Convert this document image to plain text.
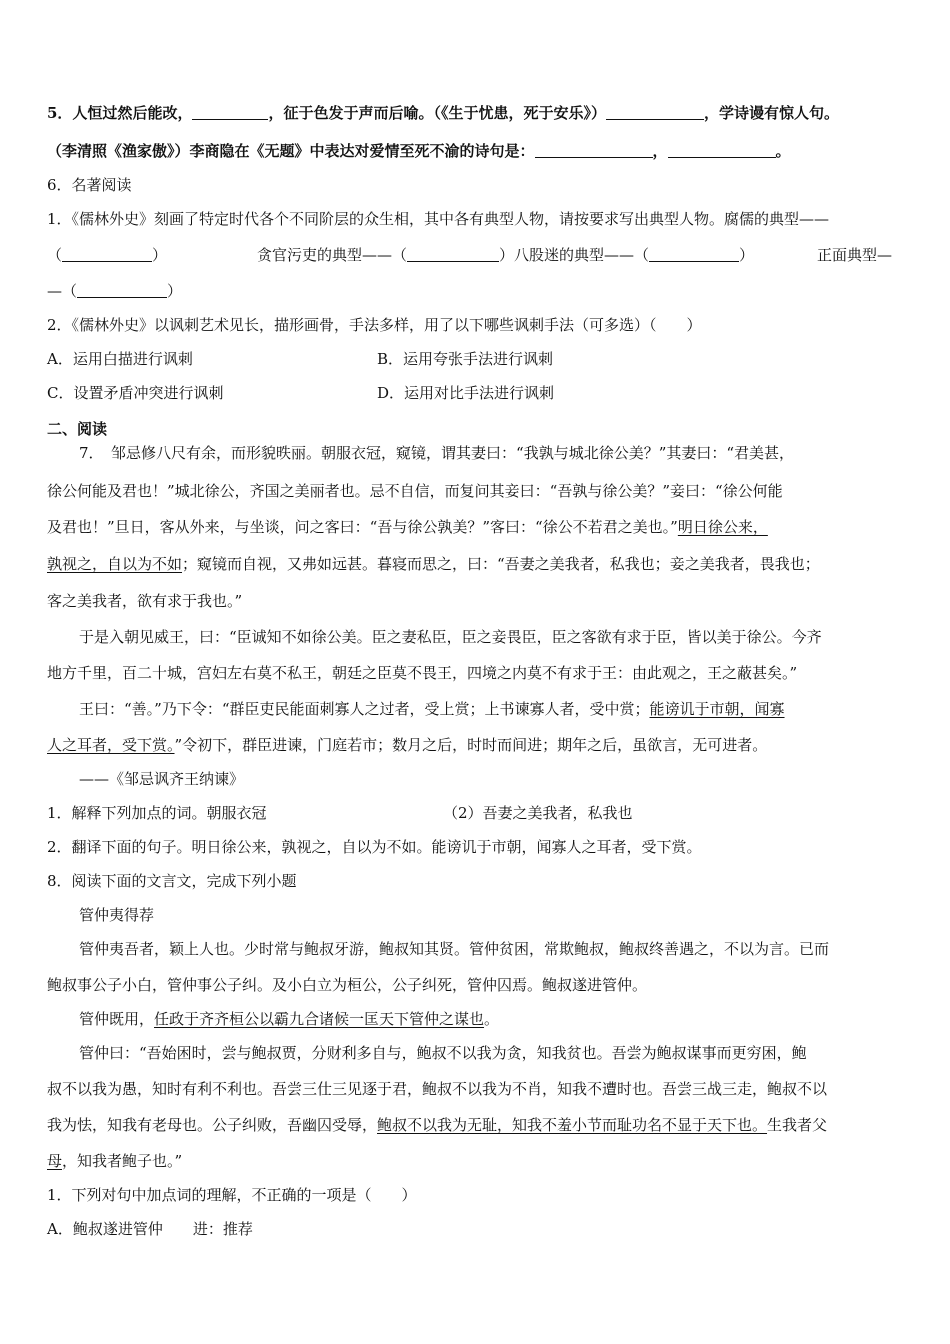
5．人恒过然后能改，	，征于色发于声而后喻。（《生于忧患，死于安乐》）	，学诗谩有惊人句。
（李清照《渔家傲》）李商隐在《无题》中表达对爱情至死不渝的诗句是：	，	。
6．名著阅读
1．《儒林外史》刻画了特定时代各个不同阶层的众生相，其中各有典型人物，请按要求写出典型人物。腐儒的典型——
（	）	贪官污吏的典型——（	）八股迷的典型——（	）	正面典型—
—（	）
2．《儒林外史》以讽刺艺术见长，描形画骨，手法多样，用了以下哪些讽刺手法（可多选）（　　）
A．运用白描进行讽刺	B．运用夸张手法进行讽刺
C．设置矛盾冲突进行讽刺	D．运用对比手法进行讽刺
二、阅读
7．　邹忌修八尺有余，而形貌昳丽。朝服衣冠，窥镜，谓其妻曰：“我孰与城北徐公美？”其妻曰：“君美甚，
徐公何能及君也！”城北徐公，齐国之美丽者也。忌不自信，而复问其妾曰：“吾孰与徐公美？”妾曰：“徐公何能
及君也！”旦日，客从外来，与坐谈，问之客曰：“吾与徐公孰美？”客曰：“徐公不若君之美也。”明日徐公来，
孰视之，自以为不如；窥镜而自视，又弗如远甚。暮寝而思之，曰：“吾妻之美我者，私我也；妾之美我者，畏我也；
客之美我者，欲有求于我也。”
于是入朝见威王，曰：“臣诚知不如徐公美。臣之妻私臣，臣之妾畏臣，臣之客欲有求于臣，皆以美于徐公。今齐
地方千里，百二十城，宫妇左右莫不私王，朝廷之臣莫不畏王，四境之内莫不有求于王：由此观之，王之蔽甚矣。”
王曰：“善。”乃下令：“群臣吏民能面刺寡人之过者，受上赏；上书谏寡人者，受中赏；能谤讥于市朝，闻寡
人之耳者，受下赏。”令初下，群臣进谏，门庭若市；数月之后，时时而间进；期年之后，虽欲言，无可进者。
——《邹忌讽齐王纳谏》
1．解释下列加点的词。朝服衣冠	（2）吾妻之美我者，私我也
2．翻译下面的句子。明日徐公来，孰视之，自以为不如。能谤讥于市朝，闻寡人之耳者，受下赏。
8．阅读下面的文言文，完成下列小题
管仲夷得荐
管仲夷吾者，颖上人也。少时常与鲍叔牙游，鲍叔知其贤。管仲贫困，常欺鲍叔，鲍叔终善遇之，不以为言。已而
鲍叔事公子小白，管仲事公子纠。及小白立为桓公，公子纠死，管仲囚焉。鲍叔遂进管仲。
管仲既用，任政于齐齐桓公以霸九合诸候一匡天下管仲之谋也。
管仲曰：“吾始困时，尝与鲍叔贾，分财利多自与，鲍叔不以我为贪，知我贫也。吾尝为鲍叔谋事而更穷困，鲍
叔不以我为愚，知时有利不利也。吾尝三仕三见逐于君，鲍叔不以我为不肖，知我不遭时也。吾尝三战三走，鲍叔不以
我为怯，知我有老母也。公子纠败，吾幽囚受辱，鲍叔不以我为无耻，知我不羞小节而耻功名不显于天下也。生我者父
母，知我者鲍子也。”
1．下列对句中加点词的理解，不正确的一项是（　　）
A．鲍叔遂进管仲　　进：推荐
